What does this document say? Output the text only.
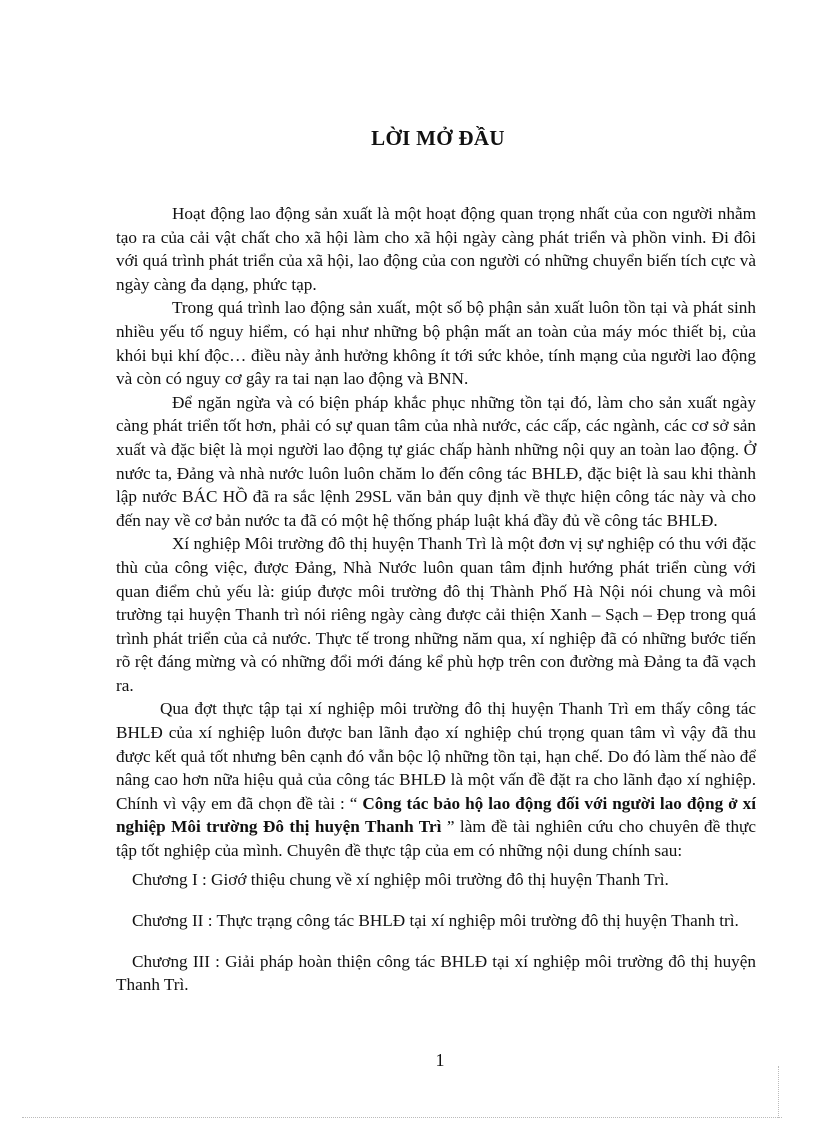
LỜI MỞ ĐẦU

Hoạt động lao động sản xuất là một hoạt động quan trọng nhất của con người nhằm tạo ra của cải vật chất cho xã hội làm cho xã hội ngày càng phát triển và phồn vinh. Đi đôi với quá trình phát triển của xã hội, lao động của con người có những chuyển biến tích cực và ngày càng đa dạng, phức tạp.

Trong quá trình lao động sản xuất, một số bộ phận sản xuất luôn tồn tại và phát sinh nhiều yếu tố nguy hiểm, có hại như những bộ phận mất an toàn của máy móc thiết bị, của khói bụi khí độc… điều này ảnh hưởng không ít tới sức khỏe, tính mạng của người lao động và còn có nguy cơ gây ra tai nạn lao động và BNN.

Để ngăn ngừa và có biện pháp khắc phục những tồn tại đó, làm cho sản xuất ngày càng phát triển tốt hơn, phải có sự quan tâm của nhà nước, các cấp, các ngành, các cơ sở sản xuất và đặc biệt là mọi người lao động tự giác chấp hành những nội quy an toàn lao động. Ở nước ta, Đảng và nhà nước luôn luôn chăm lo đến công tác BHLĐ, đặc biệt là sau khi thành lập nước BÁC HỒ đã ra sắc lệnh 29SL văn bản quy định về thực hiện công tác này và cho đến nay về cơ bản nước ta đã có một hệ thống pháp luật khá đầy đủ về công tác BHLĐ.

Xí nghiệp Môi trường đô thị huyện Thanh Trì là một đơn vị sự nghiệp có thu với đặc thù của công việc, được Đảng, Nhà Nước luôn quan tâm định hướng phát triển cùng với quan điểm chủ yếu là: giúp được môi trường đô thị Thành Phố Hà Nội nói chung và môi trường tại huyện Thanh trì nói riêng ngày càng được cải thiện Xanh – Sạch – Đẹp trong quá trình phát triển của cả nước. Thực tế trong những năm qua, xí nghiệp đã có những bước tiến rõ rệt đáng mừng và có những đổi mới đáng kể phù hợp trên con đường mà Đảng ta đã vạch ra.

Qua đợt thực tập tại xí nghiệp môi trường đô thị huyện Thanh Trì em thấy công tác BHLĐ của xí nghiệp luôn được ban lãnh đạo xí nghiệp chú trọng quan tâm vì vậy đã thu được kết quả tốt nhưng bên cạnh đó vẫn bộc lộ những tồn tại, hạn chế. Do đó làm thế nào để nâng cao hơn nữa hiệu quả của công tác BHLĐ là một vấn đề đặt ra cho lãnh đạo xí nghiệp. Chính vì vậy em đã chọn đề tài : “ Công tác bảo hộ lao động đối với người lao động ở xí nghiệp Môi trường Đô thị huyện Thanh Trì ” làm đề tài nghiên cứu cho chuyên đề thực tập tốt nghiệp của mình. Chuyên đề thực tập của em có những nội dung chính sau:

Chương I : Giơớ thiệu chung về xí nghiệp môi trường đô thị huyện Thanh Trì.
Chương II : Thực trạng công tác BHLĐ tại xí nghiệp môi trường đô thị huyện Thanh trì.
Chương III : Giải pháp hoàn thiện công tác BHLĐ tại xí nghiệp môi trường đô thị huyện Thanh Trì.
1
